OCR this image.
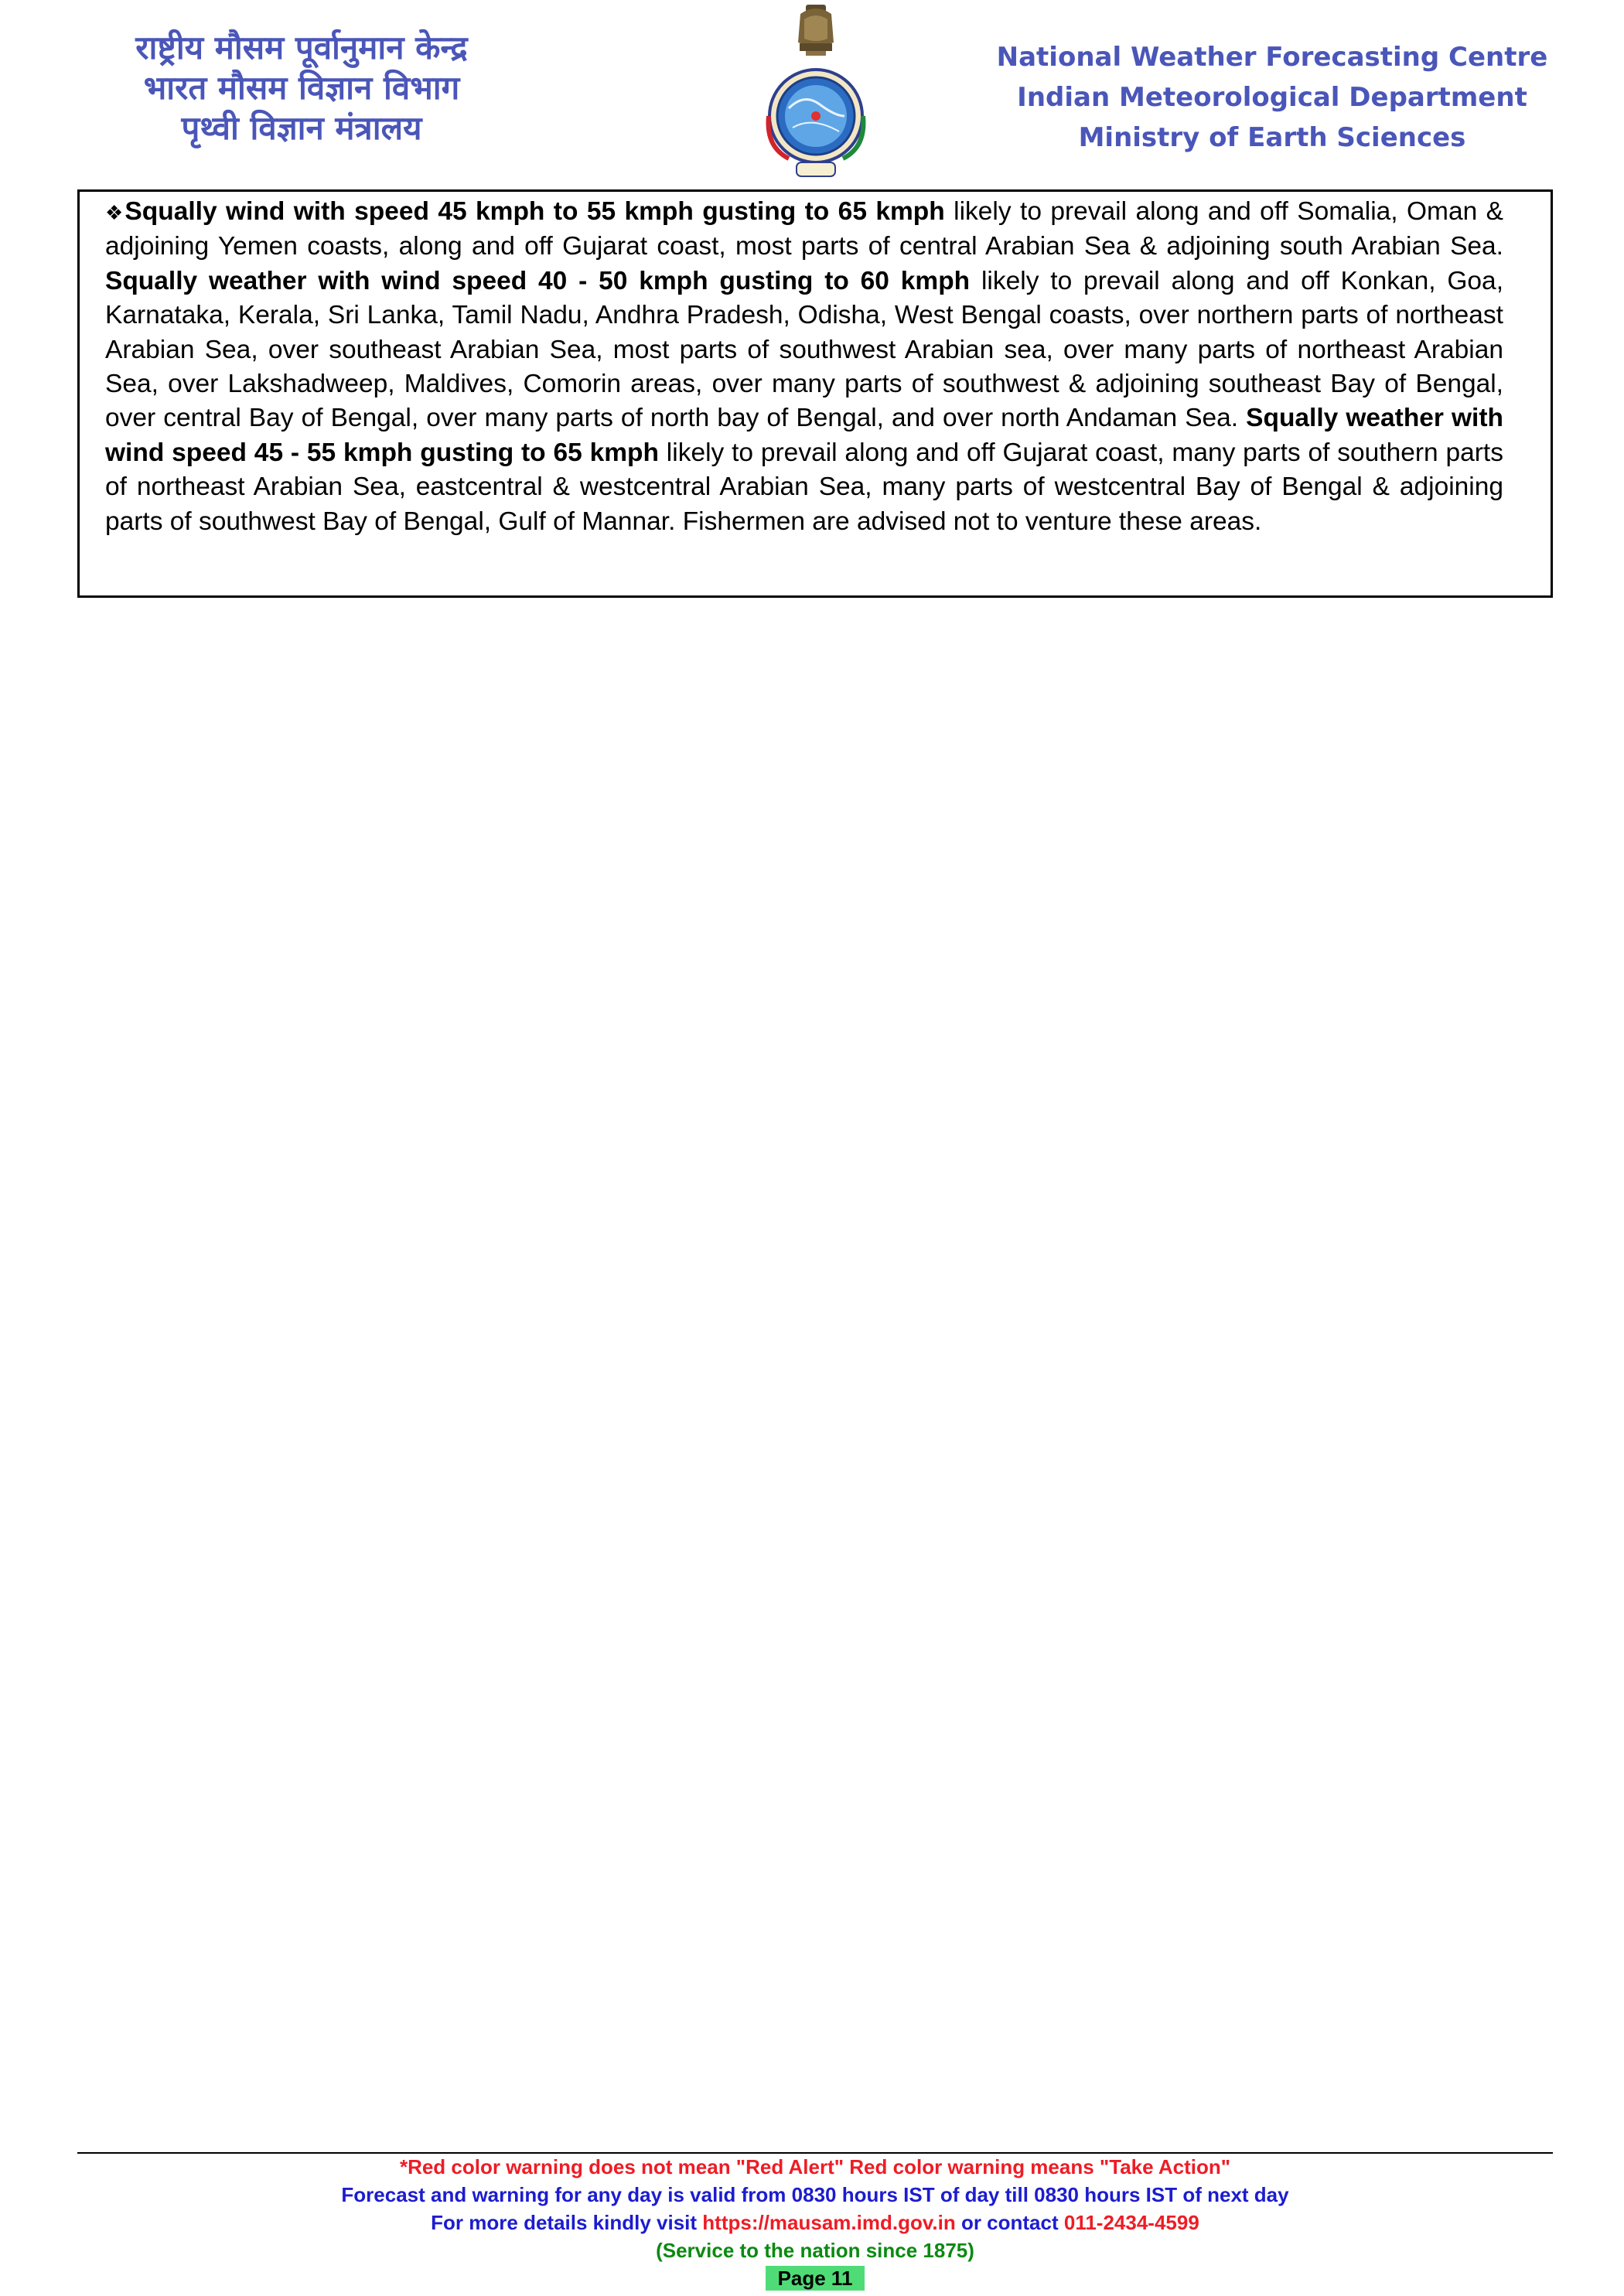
राष्ट्रीय मौसम पूर्वानुमान केन्द्र
भारत मौसम विज्ञान विभाग
पृथ्वी विज्ञान मंत्रालय
National Weather Forecasting Centre
Indian Meteorological Department
Ministry of Earth Sciences
❖Squally wind with speed 45 kmph to 55 kmph gusting to 65 kmph likely to prevail along and off Somalia, Oman & adjoining Yemen coasts, along and off Gujarat coast, most parts of central Arabian Sea & adjoining south Arabian Sea. Squally weather with wind speed 40 - 50 kmph gusting to 60 kmph likely to prevail along and off Konkan, Goa, Karnataka, Kerala, Sri Lanka, Tamil Nadu, Andhra Pradesh, Odisha, West Bengal coasts, over northern parts of northeast Arabian Sea, over southeast Arabian Sea, most parts of southwest Arabian sea, over many parts of northeast Arabian Sea, over Lakshadweep, Maldives, Comorin areas, over many parts of southwest & adjoining southeast Bay of Bengal, over central Bay of Bengal, over many parts of north bay of Bengal, and over north Andaman Sea. Squally weather with wind speed 45 - 55 kmph gusting to 65 kmph likely to prevail along and off Gujarat coast, many parts of southern parts of northeast Arabian Sea, eastcentral & westcentral Arabian Sea, many parts of westcentral Bay of Bengal & adjoining parts of southwest Bay of Bengal, Gulf of Mannar. Fishermen are advised not to venture these areas.
*Red color warning does not mean "Red Alert" Red color warning means "Take Action"
Forecast and warning for any day is valid from 0830 hours IST of day till 0830 hours IST of next day
For more details kindly visit https://mausam.imd.gov.in or contact 011-2434-4599
(Service to the nation since 1875)
Page 11
